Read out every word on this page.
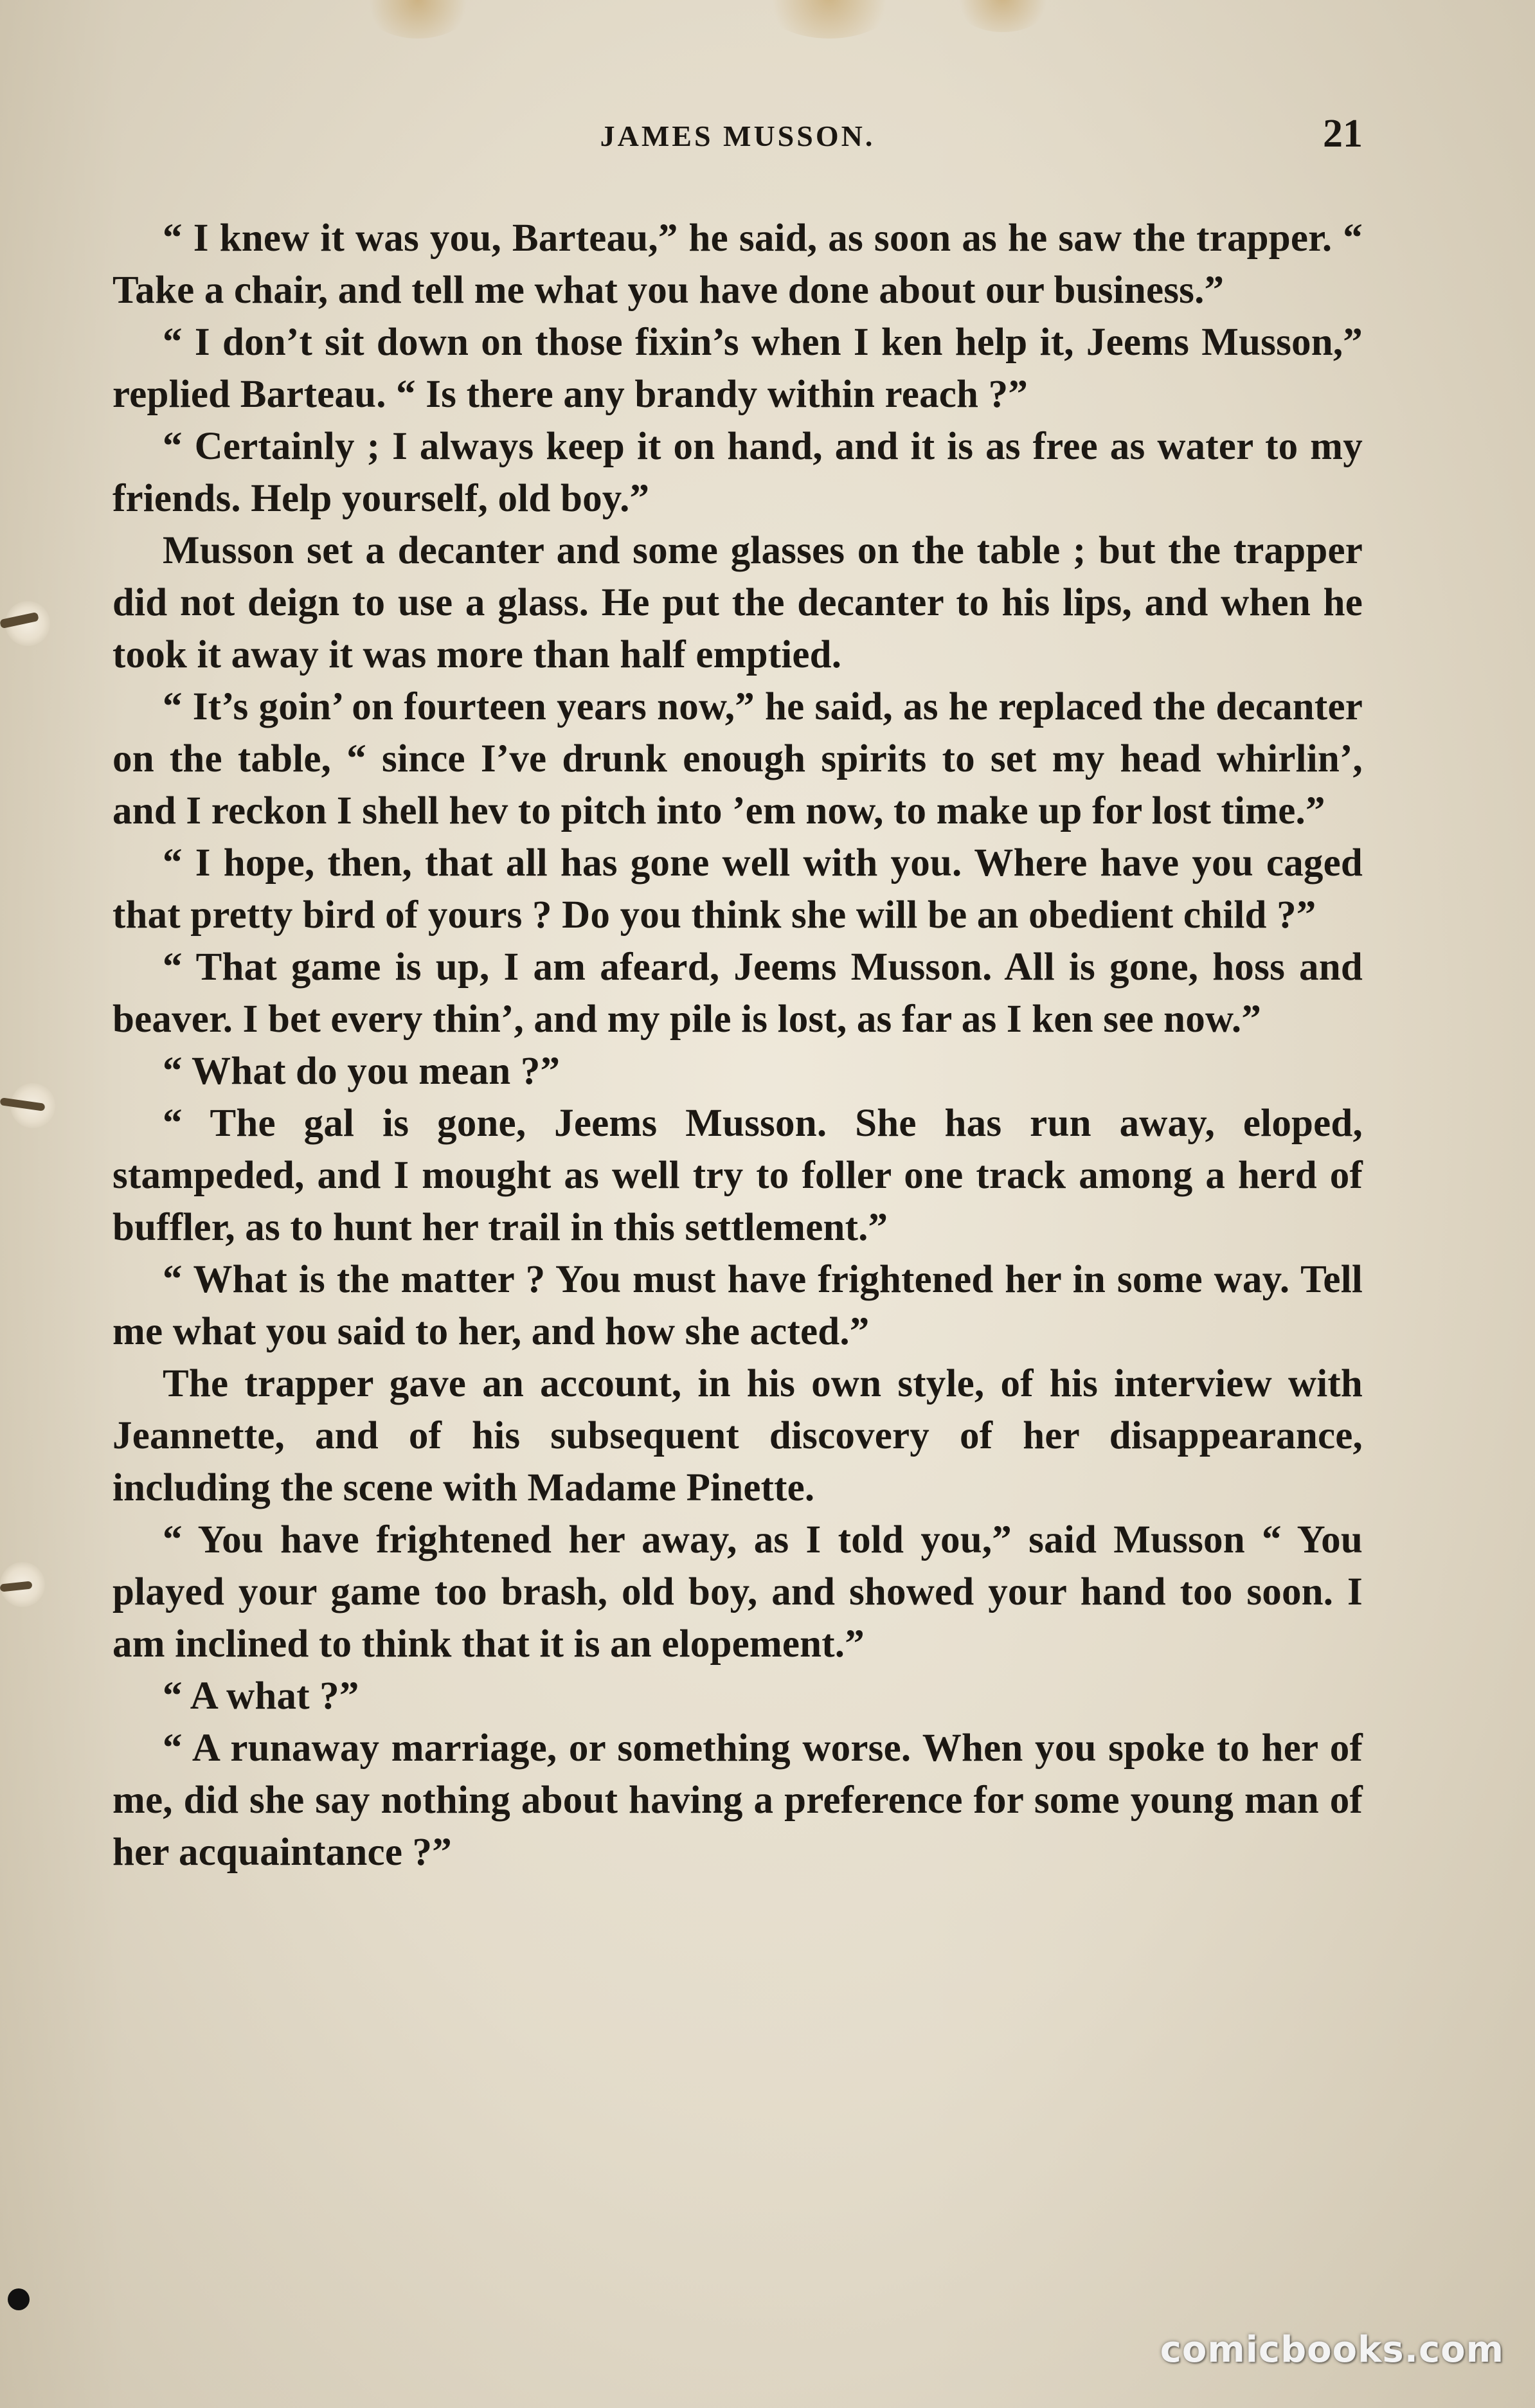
JAMES MUSSON.	21

“ I knew it was you, Barteau,” he said, as soon as he saw the trapper. “ Take a chair, and tell me what you have done about our business.”

“ I don’t sit down on those fixin’s when I ken help it, Jeems Musson,” replied Barteau. “ Is there any brandy within reach ?”

“ Certainly ; I always keep it on hand, and it is as free as water to my friends. Help yourself, old boy.”

Musson set a decanter and some glasses on the table ; but the trapper did not deign to use a glass. He put the decanter to his lips, and when he took it away it was more than half emptied.

“ It’s goin’ on fourteen years now,” he said, as he replaced the decanter on the table, “ since I’ve drunk enough spirits to set my head whirlin’, and I reckon I shell hev to pitch into ’em now, to make up for lost time.”

“ I hope, then, that all has gone well with you. Where have you caged that pretty bird of yours ? Do you think she will be an obedient child ?”

“ That game is up, I am afeard, Jeems Musson. All is gone, hoss and beaver. I bet every thin’, and my pile is lost, as far as I ken see now.”

“ What do you mean ?”

“ The gal is gone, Jeems Musson. She has run away, eloped, stampeded, and I mought as well try to foller one track among a herd of buffler, as to hunt her trail in this settlement.”

“ What is the matter ? You must have frightened her in some way. Tell me what you said to her, and how she acted.”

The trapper gave an account, in his own style, of his interview with Jeannette, and of his subsequent discovery of her disappearance, including the scene with Madame Pinette.

“ You have frightened her away, as I told you,” said Musson “ You played your game too brash, old boy, and showed your hand too soon. I am inclined to think that it is an elopement.”

“ A what ?”

“ A runaway marriage, or something worse. When you spoke to her of me, did she say nothing about having a preference for some young man of her acquaintance ?”

comicbooks.com
